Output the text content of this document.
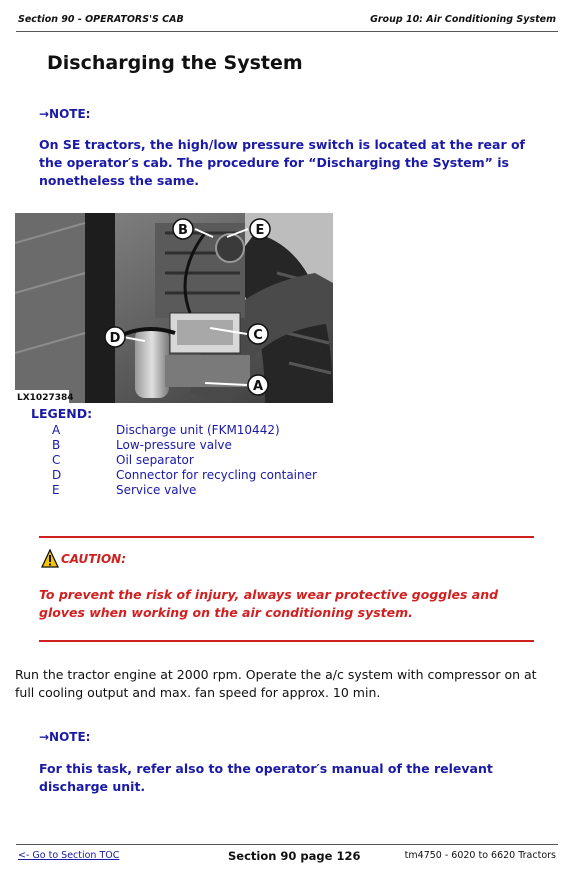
Section 90 - OPERATORS'S CAB	Group 10: Air Conditioning System
Discharging the System
→NOTE:
On SE tractors, the high/low pressure switch is located at the rear of the operator′s cab. The procedure for “Discharging the System” is nonetheless the same.
B	E
D	C
A
LX1027384
LEGEND:
A	Discharge unit (FKM10442)
B	Low-pressure valve
C	Oil separator
D	Connector for recycling container
E	Service valve
CAUTION:
To prevent the risk of injury, always wear protective goggles and gloves when working on the air conditioning system.
Run the tractor engine at 2000 rpm. Operate the a/c system with compressor on at full cooling output and max. fan speed for approx. 10 min.
→NOTE:
For this task, refer also to the operator′s manual of the relevant discharge unit.
<- Go to Section TOC	Section 90 page 126	tm4750 - 6020 to 6620 Tractors
